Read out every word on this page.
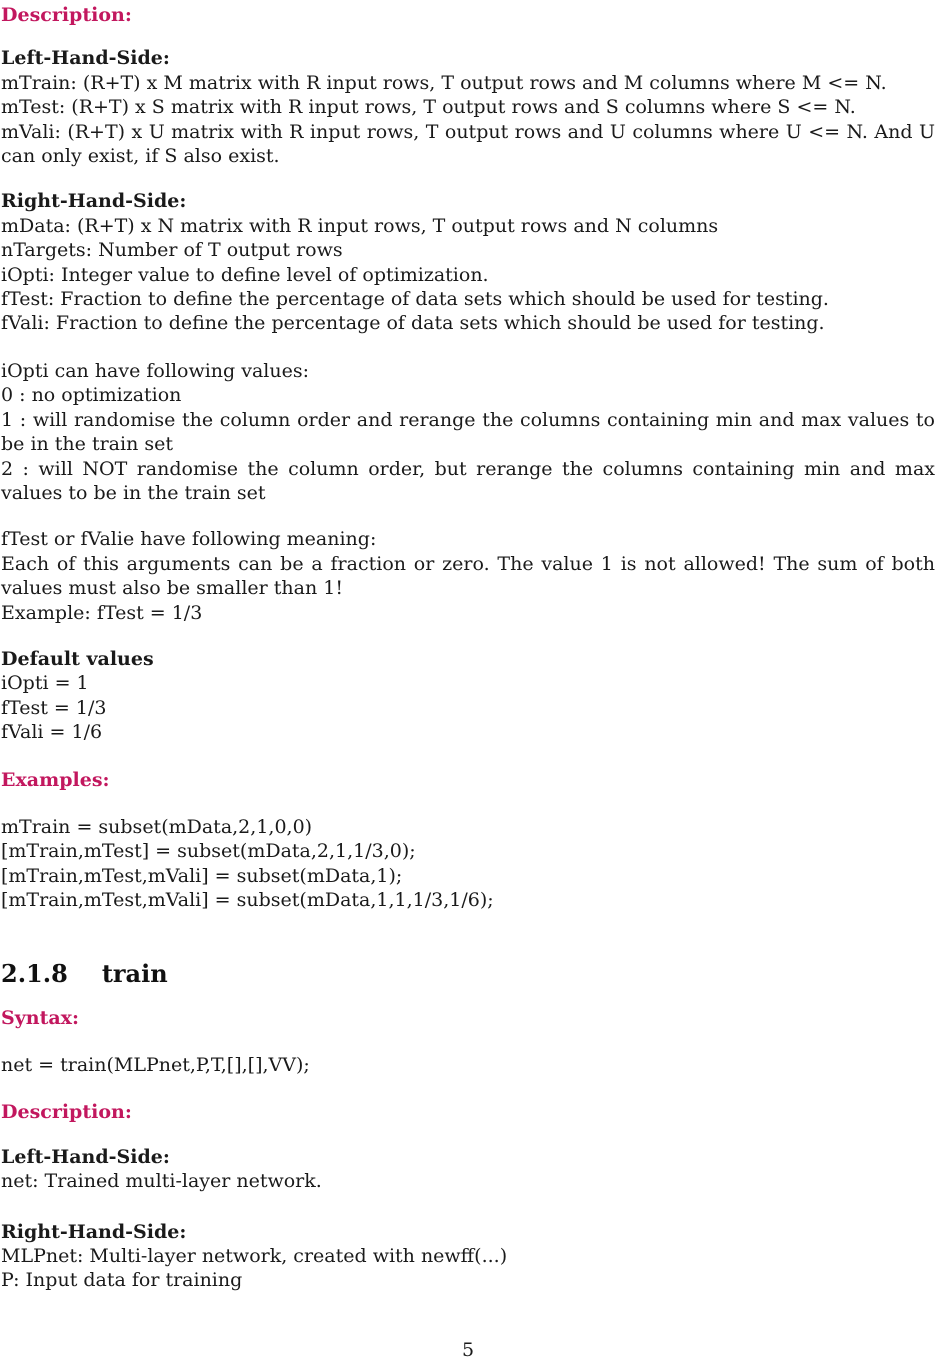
Description:
Left-Hand-Side:
mTrain: (R+T) x M matrix with R input rows, T output rows and M columns where M <= N.
mTest: (R+T) x S matrix with R input rows, T output rows and S columns where S <= N.
mVali: (R+T) x U matrix with R input rows, T output rows and U columns where U <= N. And U can only exist, if S also exist.
Right-Hand-Side:
mData: (R+T) x N matrix with R input rows, T output rows and N columns
nTargets: Number of T output rows
iOpti: Integer value to define level of optimization.
fTest: Fraction to define the percentage of data sets which should be used for testing.
fVali: Fraction to define the percentage of data sets which should be used for testing.
iOpti can have following values:
0 : no optimization
1 : will randomise the column order and rerange the columns containing min and max values to be in the train set
2 : will NOT randomise the column order, but rerange the columns containing min and max values to be in the train set
fTest or fValie have following meaning:
Each of this arguments can be a fraction or zero. The value 1 is not allowed! The sum of both values must also be smaller than 1!
Example: fTest = 1/3
Default values
iOpti = 1
fTest = 1/3
fVali = 1/6
Examples:
mTrain = subset(mData,2,1,0,0)
[mTrain,mTest] = subset(mData,2,1,1/3,0);
[mTrain,mTest,mVali] = subset(mData,1);
[mTrain,mTest,mVali] = subset(mData,1,1,1/3,1/6);
2.1.8 train
Syntax:
net = train(MLPnet,P,T,[],[],VV);
Description:
Left-Hand-Side:
net: Trained multi-layer network.
Right-Hand-Side:
MLPnet: Multi-layer network, created with newff(...)
P: Input data for training
5
